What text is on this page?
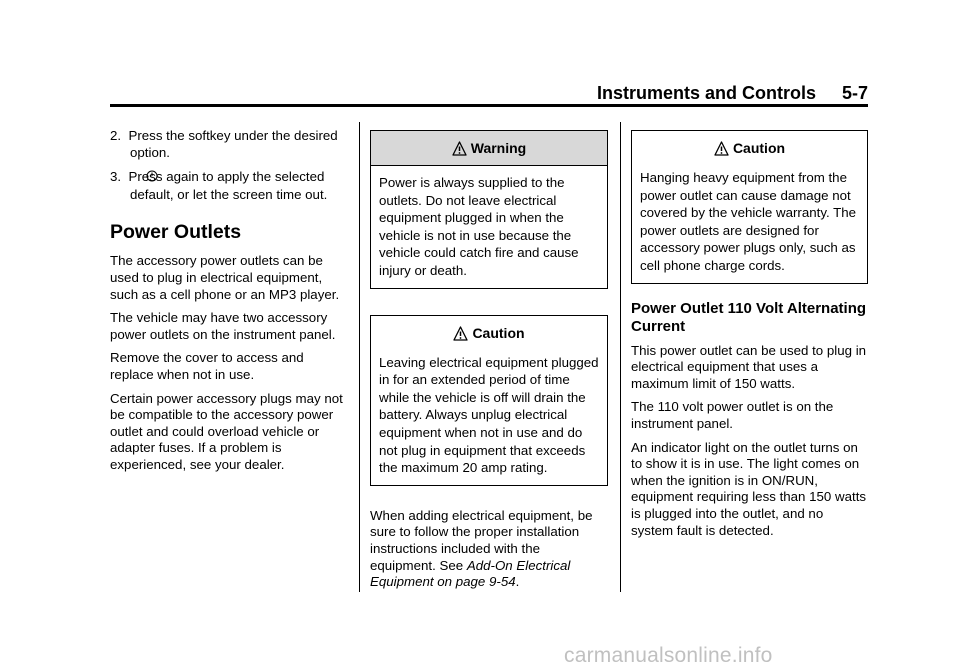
Instruments and Controls 5-7
2. Press the softkey under the desired option.
3. Press again to apply the selected default, or let the screen time out.
Power Outlets

The accessory power outlets can be used to plug in electrical equipment, such as a cell phone or an MP3 player.

The vehicle may have two accessory power outlets on the instrument panel.

Remove the cover to access and replace when not in use.

Certain power accessory plugs may not be compatible to the accessory power outlet and could overload vehicle or adapter fuses. If a problem is experienced, see your dealer.

Warning
Power is always supplied to the outlets. Do not leave electrical equipment plugged in when the vehicle is not in use because the vehicle could catch fire and cause injury or death.
Caution
Leaving electrical equipment plugged in for an extended period of time while the vehicle is off will drain the battery. Always unplug electrical equipment when not in use and do not plug in equipment that exceeds the maximum 20 amp rating.

When adding electrical equipment, be sure to follow the proper installation instructions included with the equipment. See Add-On Electrical Equipment on page 9-54.

Caution
Hanging heavy equipment from the power outlet can cause damage not covered by the vehicle warranty. The power outlets are designed for accessory power plugs only, such as cell phone charge cords.
Power Outlet 110 Volt Alternating Current

This power outlet can be used to plug in electrical equipment that uses a maximum limit of 150 watts.

The 110 volt power outlet is on the instrument panel.

An indicator light on the outlet turns on to show it is in use. The light comes on when the ignition is in ON/RUN, equipment requiring less than 150 watts is plugged into the outlet, and no system fault is detected.

carmanualsonline.info
